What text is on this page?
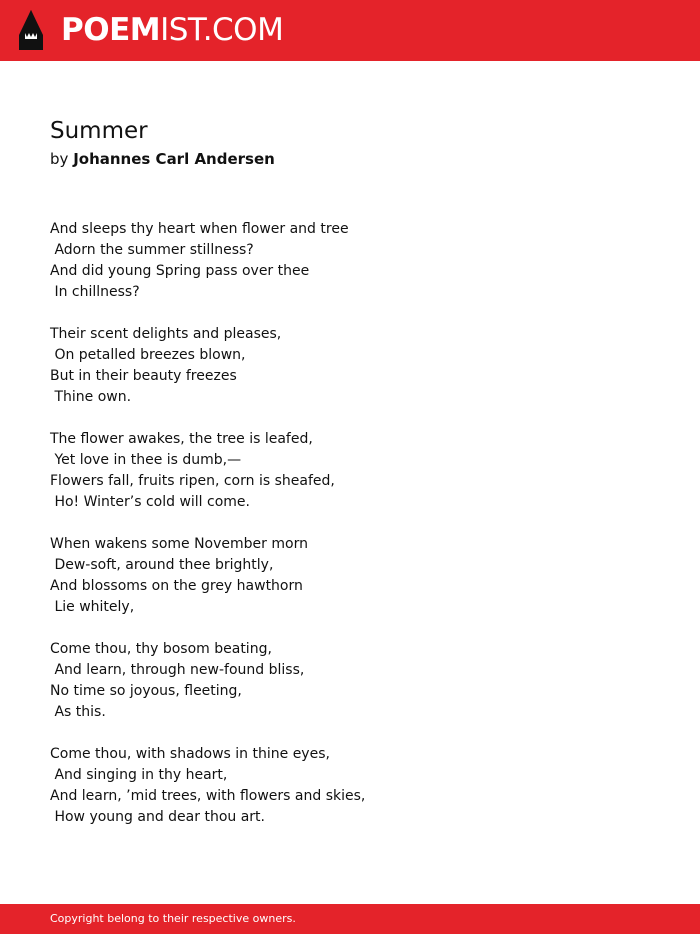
POEMIST.COM
Summer
by Johannes Carl Andersen
And sleeps thy heart when flower and tree
Adorn the summer stillness?
And did young Spring pass over thee
In chillness?
Their scent delights and pleases,
On petalled breezes blown,
But in their beauty freezes
Thine own.
The flower awakes, the tree is leafed,
Yet love in thee is dumb,—
Flowers fall, fruits ripen, corn is sheafed,
Ho! Winter’s cold will come.
When wakens some November morn
Dew-soft, around thee brightly,
And blossoms on the grey hawthorn
Lie whitely,
Come thou, thy bosom beating,
And learn, through new-found bliss,
No time so joyous, fleeting,
As this.
Come thou, with shadows in thine eyes,
And singing in thy heart,
And learn, ’mid trees, with flowers and skies,
How young and dear thou art.
Copyright belong to their respective owners.
